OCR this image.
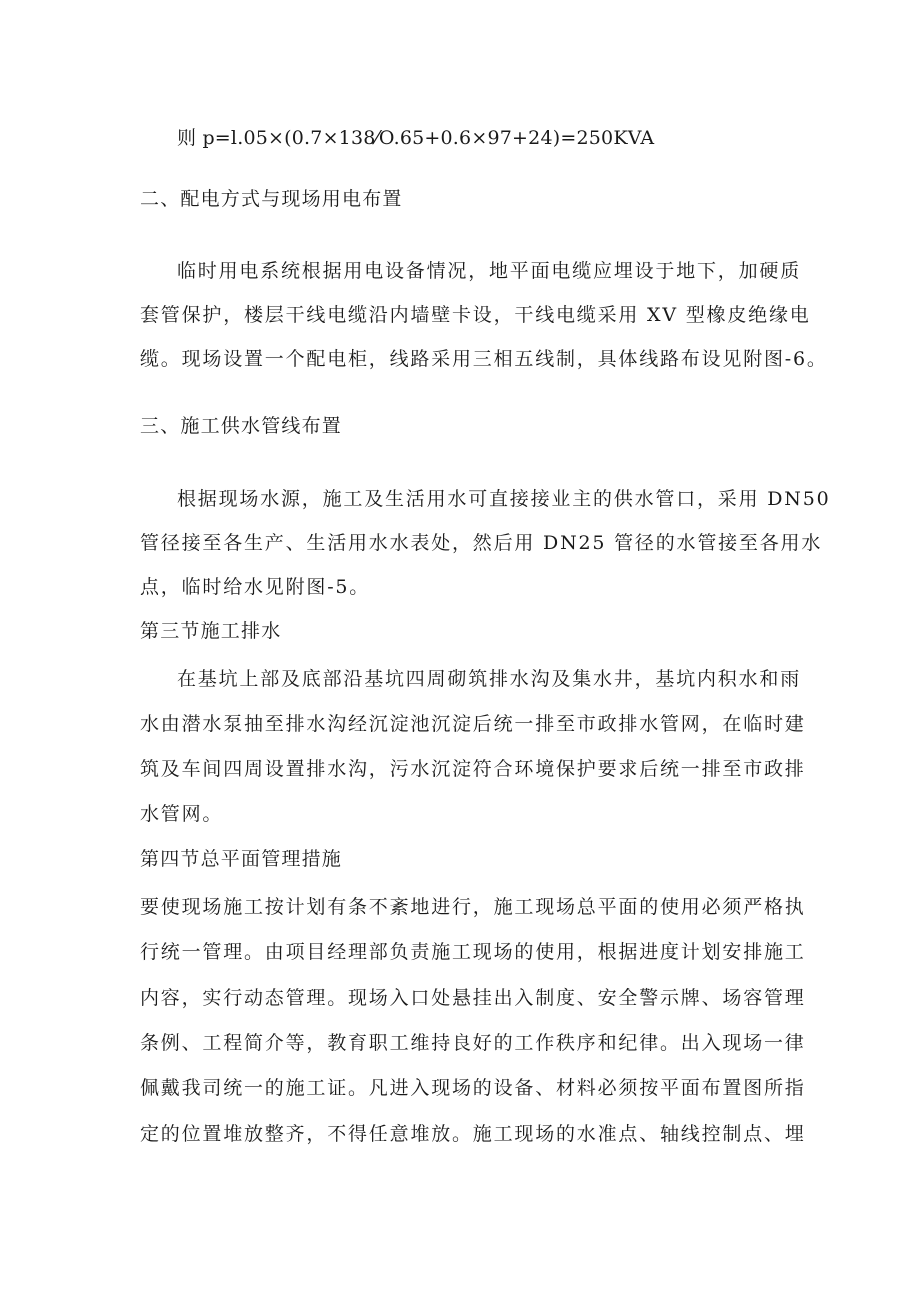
则 p=l.05×(0.7×138⁄O.65+0.6×97+24)=250KVA
二、配电方式与现场用电布置
临时用电系统根据用电设备情况，地平面电缆应埋设于地下，加硬质
套管保护，楼层干线电缆沿内墙壁卡设，干线电缆采用 XV 型橡皮绝缘电
缆。现场设置一个配电柜，线路采用三相五线制，具体线路布设见附图-6。
三、施工供水管线布置
根据现场水源，施工及生活用水可直接接业主的供水管口，采用 DN50
管径接至各生产、生活用水水表处，然后用 DN25 管径的水管接至各用水
点，临时给水见附图-5。
第三节施工排水
在基坑上部及底部沿基坑四周砌筑排水沟及集水井，基坑内积水和雨
水由潜水泵抽至排水沟经沉淀池沉淀后统一排至市政排水管网，在临时建
筑及车间四周设置排水沟，污水沉淀符合环境保护要求后统一排至市政排
水管网。
第四节总平面管理措施
要使现场施工按计划有条不紊地进行，施工现场总平面的使用必须严格执
行统一管理。由项目经理部负责施工现场的使用，根据进度计划安排施工
内容，实行动态管理。现场入口处悬挂出入制度、安全警示牌、场容管理
条例、工程简介等，教育职工维持良好的工作秩序和纪律。出入现场一律
佩戴我司统一的施工证。凡进入现场的设备、材料必须按平面布置图所指
定的位置堆放整齐，不得任意堆放。施工现场的水准点、轴线控制点、埋
